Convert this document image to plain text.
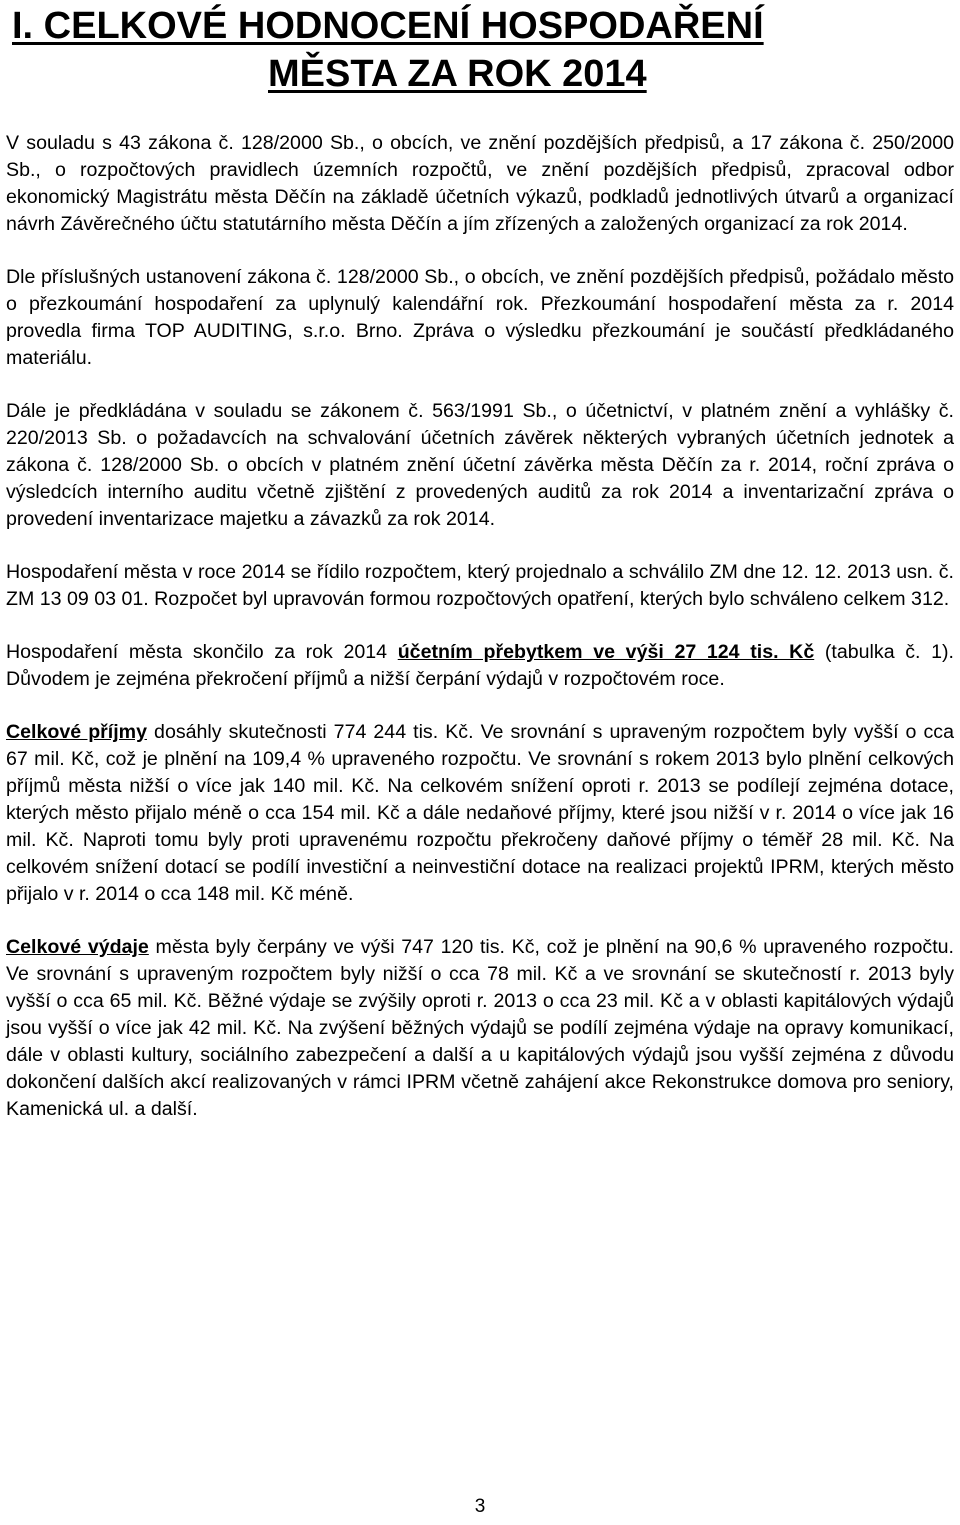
I. CELKOVÉ HODNOCENÍ HOSPODAŘENÍ
MĚSTA ZA ROK 2014

V souladu s 43 zákona č. 128/2000 Sb., o obcích, ve znění pozdějších předpisů, a 17 zákona č. 250/2000 Sb., o rozpočtových pravidlech územních rozpočtů, ve znění pozdějších předpisů, zpracoval odbor ekonomický Magistrátu města Děčín na základě účetních výkazů, podkladů jednotlivých útvarů a organizací návrh Závěrečného účtu statutárního města Děčín a jím zřízených a založených organizací za rok 2014.

Dle příslušných ustanovení zákona č. 128/2000 Sb., o obcích, ve znění pozdějších předpisů, požádalo město o přezkoumání hospodaření za uplynulý kalendářní rok. Přezkoumání hospodaření města za r. 2014 provedla firma TOP AUDITING, s.r.o. Brno. Zpráva o výsledku přezkoumání je součástí předkládaného materiálu.

Dále je předkládána v souladu se zákonem č. 563/1991 Sb., o účetnictví, v platném znění a vyhlášky č. 220/2013 Sb. o požadavcích na schvalování účetních závěrek některých vybraných účetních jednotek a zákona č. 128/2000 Sb. o obcích v platném znění účetní závěrka města Děčín za r. 2014, roční zpráva o výsledcích interního auditu včetně zjištění z provedených auditů za rok 2014 a inventarizační zpráva o provedení inventarizace majetku a závazků za rok 2014.

Hospodaření města v roce 2014 se řídilo rozpočtem, který projednalo a schválilo ZM dne 12. 12. 2013 usn. č. ZM 13 09 03 01. Rozpočet byl upravován formou rozpočtových opatření, kterých bylo schváleno celkem 312.

Hospodaření města skončilo za rok 2014 účetním přebytkem ve výši 27 124 tis. Kč (tabulka č. 1). Důvodem je zejména překročení příjmů a nižší čerpání výdajů v rozpočtovém roce.

Celkové příjmy dosáhly skutečnosti 774 244 tis. Kč. Ve srovnání s upraveným rozpočtem byly vyšší o cca 67 mil. Kč, což je plnění na 109,4 % upraveného rozpočtu. Ve srovnání s rokem 2013 bylo plnění celkových příjmů města nižší o více jak 140 mil. Kč. Na celkovém snížení oproti r. 2013 se podílejí zejména dotace, kterých město přijalo méně o cca 154 mil. Kč a dále nedaňové příjmy, které jsou nižší v r. 2014 o více jak 16 mil. Kč. Naproti tomu byly proti upravenému rozpočtu překročeny daňové příjmy o téměř 28 mil. Kč. Na celkovém snížení dotací se podílí investiční a neinvestiční dotace na realizaci projektů IPRM, kterých město přijalo v r. 2014 o cca 148 mil. Kč méně.

Celkové výdaje města byly čerpány ve výši 747 120 tis. Kč, což je plnění na 90,6 % upraveného rozpočtu. Ve srovnání s upraveným rozpočtem byly nižší o cca 78 mil. Kč a ve srovnání se skutečností r. 2013 byly vyšší o cca 65 mil. Kč. Běžné výdaje se zvýšily oproti r. 2013 o cca 23 mil. Kč a v oblasti kapitálových výdajů jsou vyšší o více jak 42 mil. Kč. Na zvýšení běžných výdajů se podílí zejména výdaje na opravy komunikací, dále v oblasti kultury, sociálního zabezpečení a další a u kapitálových výdajů jsou vyšší zejména z důvodu dokončení dalších akcí realizovaných v rámci IPRM včetně zahájení akce Rekonstrukce domova pro seniory, Kamenická ul. a další.

3
